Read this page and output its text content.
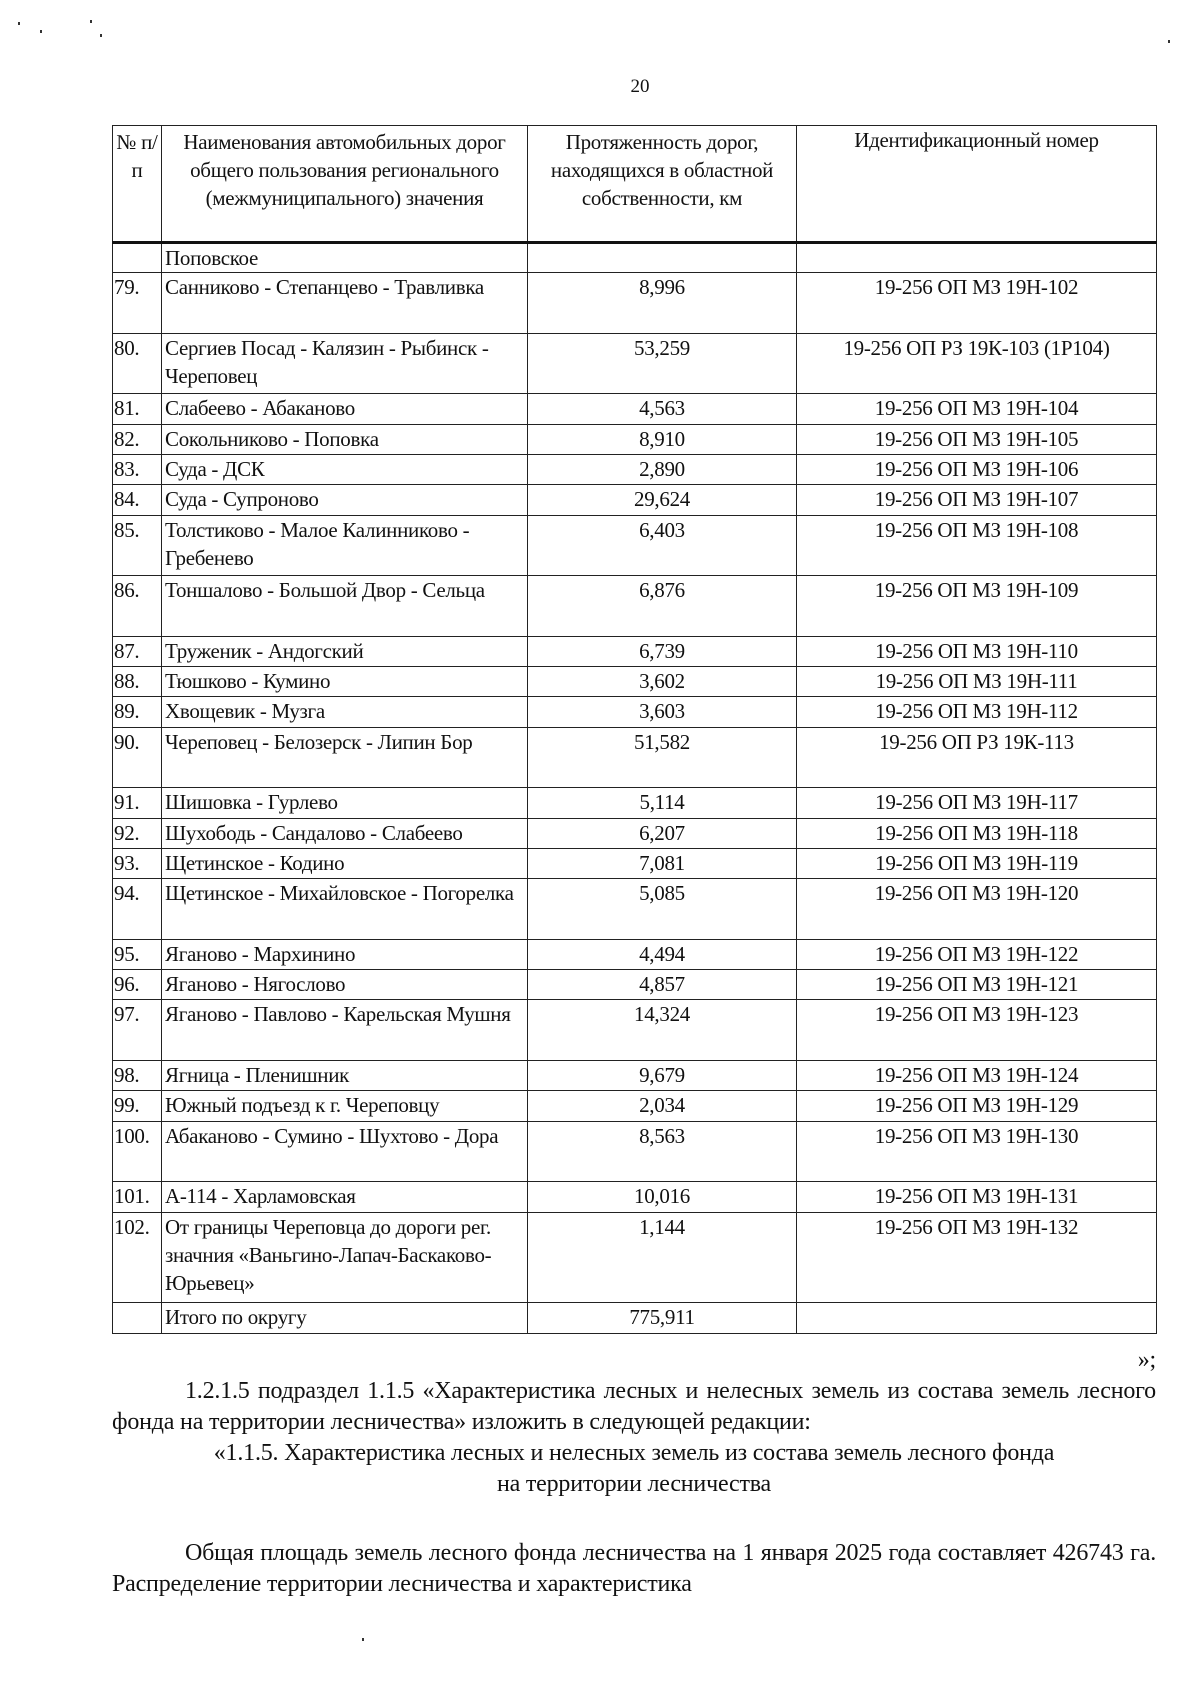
20
№ п/п	Наименования автомобильных дорог общего пользования регионального (межмуниципального) значения	Протяженность дорог, находящихся в областной собственности, км	Идентификационный номер
	Поповское		
79.	Санниково - Степанцево - Травливка	8,996	19-256 ОП МЗ 19Н-102
80.	Сергиев Посад - Калязин - Рыбинск - Череповец	53,259	19-256 ОП РЗ 19К-103 (1Р104)
81.	Слабеево - Абаканово	4,563	19-256 ОП МЗ 19Н-104
82.	Сокольниково - Поповка	8,910	19-256 ОП МЗ 19Н-105
83.	Суда - ДСК	2,890	19-256 ОП МЗ 19Н-106
84.	Суда - Супроново	29,624	19-256 ОП МЗ 19Н-107
85.	Толстиково - Малое Калинниково - Гребенево	6,403	19-256 ОП МЗ 19Н-108
86.	Тоншалово - Большой Двор - Сельца	6,876	19-256 ОП МЗ 19Н-109
87.	Труженик - Андогский	6,739	19-256 ОП МЗ 19Н-110
88.	Тюшково - Кумино	3,602	19-256 ОП МЗ 19Н-111
89.	Хвощевик - Музга	3,603	19-256 ОП МЗ 19Н-112
90.	Череповец - Белозерск - Липин Бор	51,582	19-256 ОП РЗ 19К-113
91.	Шишовка - Гурлево	5,114	19-256 ОП МЗ 19Н-117
92.	Шухободь - Сандалово - Слабеево	6,207	19-256 ОП МЗ 19Н-118
93.	Щетинское - Кодино	7,081	19-256 ОП МЗ 19Н-119
94.	Щетинское - Михайловское - Погорелка	5,085	19-256 ОП МЗ 19Н-120
95.	Яганово - Мархинино	4,494	19-256 ОП МЗ 19Н-122
96.	Яганово - Нягослово	4,857	19-256 ОП МЗ 19Н-121
97.	Яганово - Павлово - Карельская Мушня	14,324	19-256 ОП МЗ 19Н-123
98.	Ягница - Пленишник	9,679	19-256 ОП МЗ 19Н-124
99.	Южный подъезд к г. Череповцу	2,034	19-256 ОП МЗ 19Н-129
100.	Абаканово - Сумино - Шухтово - Дора	8,563	19-256 ОП МЗ 19Н-130
101.	А-114 - Харламовская	10,016	19-256 ОП МЗ 19Н-131
102.	От границы Череповца до дороги рег. значния «Ваньгино-Лапач-Баскаково-Юрьевец»	1,144	19-256 ОП МЗ 19Н-132
	Итого по округу	775,911	
»;
1.2.1.5 подраздел 1.1.5 «Характеристика лесных и нелесных земель из состава земель лесного фонда на территории лесничества» изложить в следующей редакции:
«1.1.5. Характеристика лесных и нелесных земель из состава земель лесного фонда
на территории лесничества
Общая площадь земель лесного фонда лесничества на 1 января 2025 года составляет 426743 га. Распределение территории лесничества и характеристика
